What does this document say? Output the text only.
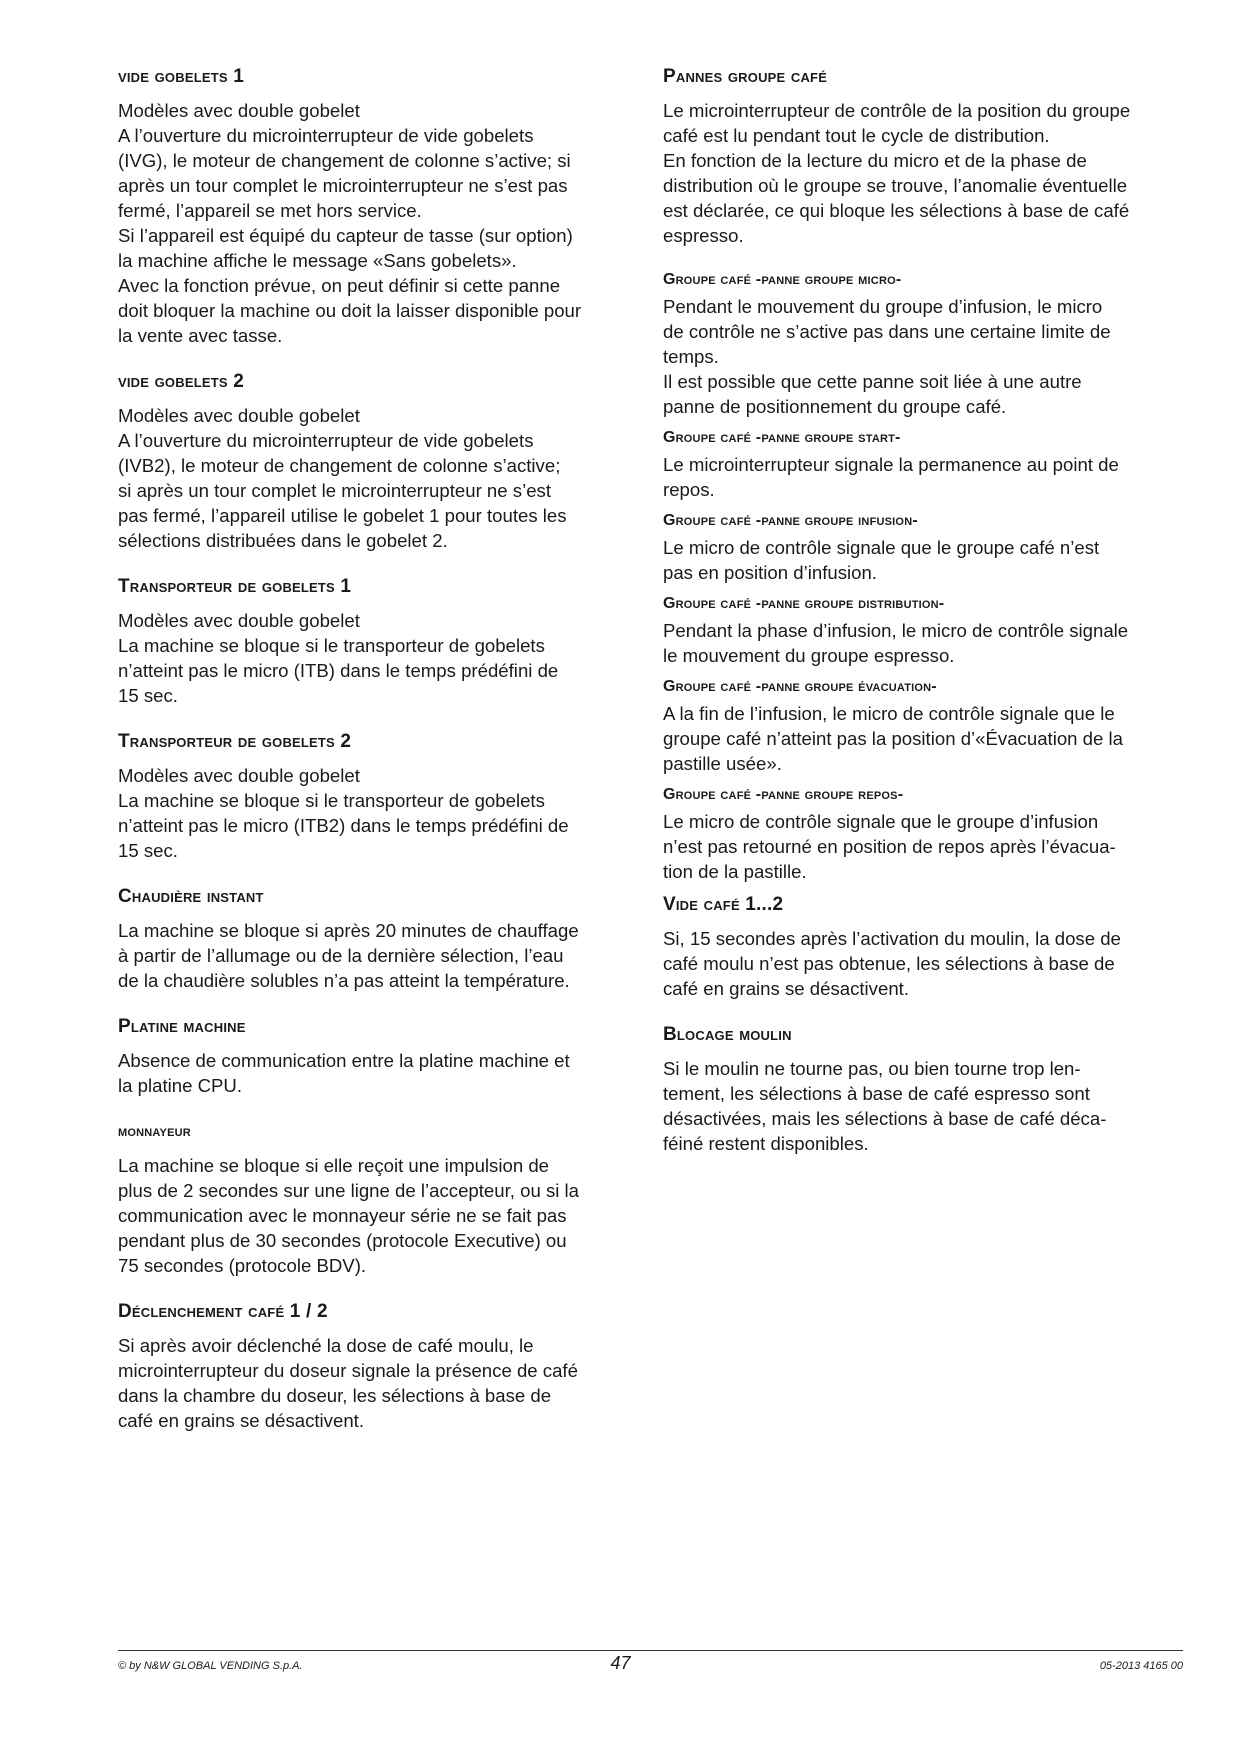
vide gobelets 1

Modèles avec double gobelet

A l’ouverture du microinterrupteur de vide gobelets

(IVG), le moteur de changement de colonne s’active; si

après un tour complet le microinterrupteur ne s’est pas

fermé, l’appareil se met hors service.

Si l’appareil est équipé du capteur de tasse (sur option)

la machine affiche le message «Sans gobelets».

Avec la fonction prévue, on peut définir si cette panne

doit bloquer la machine ou doit la laisser disponible pour

la vente avec tasse.

vide gobelets 2

Modèles avec double gobelet

A l’ouverture du microinterrupteur de vide gobelets

(IVB2), le moteur de changement de colonne s’active;

si après un tour complet le microinterrupteur ne s’est

pas fermé, l’appareil utilise le gobelet 1 pour toutes les

sélections distribuées dans le gobelet 2.

Transporteur de gobelets 1

Modèles avec double gobelet

La machine se bloque si le transporteur de gobelets

n’atteint pas le micro (ITB) dans le temps prédéfini de

15 sec.

Transporteur de gobelets 2

Modèles avec double gobelet

La machine se bloque si le transporteur de gobelets

n’atteint pas le micro (ITB2) dans le temps prédéfini de

15 sec.

Chaudière instant

La machine se bloque si après 20 minutes de chauffage

à partir de l’allumage ou de la dernière sélection, l’eau

de la chaudière solubles n’a pas atteint la température.

Platine machine

Absence de communication entre la platine machine et

la platine CPU.

monnayeur

La machine se bloque si elle reçoit une impulsion de

plus de 2 secondes sur une ligne de l’accepteur, ou si la

communication avec le monnayeur série ne se fait pas

pendant plus de 30 secondes (protocole Executive) ou

75 secondes (protocole BDV).

Déclenchement café 1 / 2

Si après avoir déclenché la dose de café moulu, le

microinterrupteur du doseur signale la présence de café

dans la chambre du doseur, les sélections à base de

café en grains se désactivent.

Pannes groupe café

Le microinterrupteur de contrôle de la position du groupe

café est lu pendant tout le cycle de distribution.

En fonction de la lecture du micro et de la phase de

distribution où le groupe se trouve, l’anomalie éventuelle

est déclarée, ce qui bloque les sélections à base de café

espresso.

Groupe café -panne groupe micro-

Pendant le mouvement du groupe d’infusion, le micro

de contrôle ne s’active pas dans une certaine limite de

temps.

Il est possible que cette panne soit liée à une autre

panne de positionnement du groupe café.

Groupe café -panne groupe start-

Le microinterrupteur signale la permanence au point de

repos.

Groupe café -panne groupe infusion-

Le micro de contrôle signale que le groupe café n’est

pas en position d’infusion.

Groupe café -panne groupe distribution-

Pendant la phase d’infusion, le micro de contrôle signale

le mouvement du groupe espresso.

Groupe café -panne groupe évacuation-

A la fin de l’infusion, le micro de contrôle signale que le

groupe café n’atteint pas la position d’«Évacuation de la

pastille usée».

Groupe café -panne groupe repos-

Le micro de contrôle signale que le groupe d’infusion

n’est pas retourné en position de repos après l’évacua-

tion de la pastille.

Vide café 1...2

Si, 15 secondes après l’activation du moulin, la dose de

café moulu n’est pas obtenue, les sélections à base de

café en grains se désactivent.

Blocage moulin

Si le moulin ne tourne pas, ou bien tourne trop len-

tement, les sélections à base de café espresso sont

désactivées, mais les sélections à base de café déca-

féiné restent disponibles.

© by N&W GLOBAL VENDING S.p.A.	47	05-2013 4165 00
